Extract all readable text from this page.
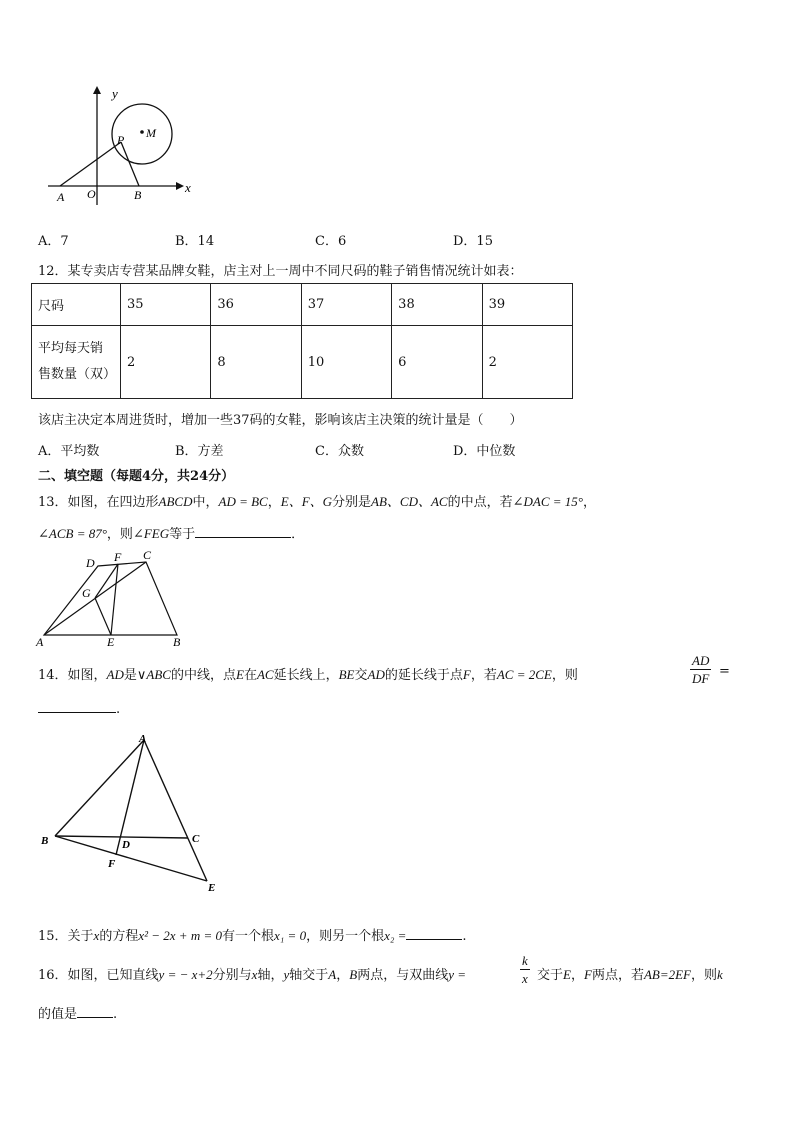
y
x
A O	B
P M
A．7	B．14	C．6	D．15
12．某专卖店专营某品牌女鞋，店主对上一周中不同尺码的鞋子销售情况统计如表：
尺码	35	36	37	38	39

平均每天销
售数量（双）	2	8	10	6	2
该店主决定本周进货时，增加一些37码的女鞋，影响该店主决策的统计量是（　　）
A．平均数	B．方差	C．众数	D．中位数
二、填空题（每题4分，共24分）
13．如图，在四边形ABCD中，AD = BC，E、F、G分别是AB、CD、AC的中点，若∠DAC = 15°，
∠ACB = 87°，则∠FEG等于	．
A	B
C
D
E
F
G
14．如图，AD是∨ABC的中线，点E在AC延长线上，BE交AD的延长线于点F，若AC = 2CE，则	$\frac{AD}{DF}$ =
.
A
B	C
D
E
F
15．关于x的方程x² − 2x + m = 0有一个根x₁ = 0，则另一个根x₂ =	.
16．如图，已知直线y = − x+2分别与x轴，y轴交于A，B两点，与双曲线y =	$\frac{k}{x}$ 交于E，F两点，若AB=2EF，则k
的值是	.
